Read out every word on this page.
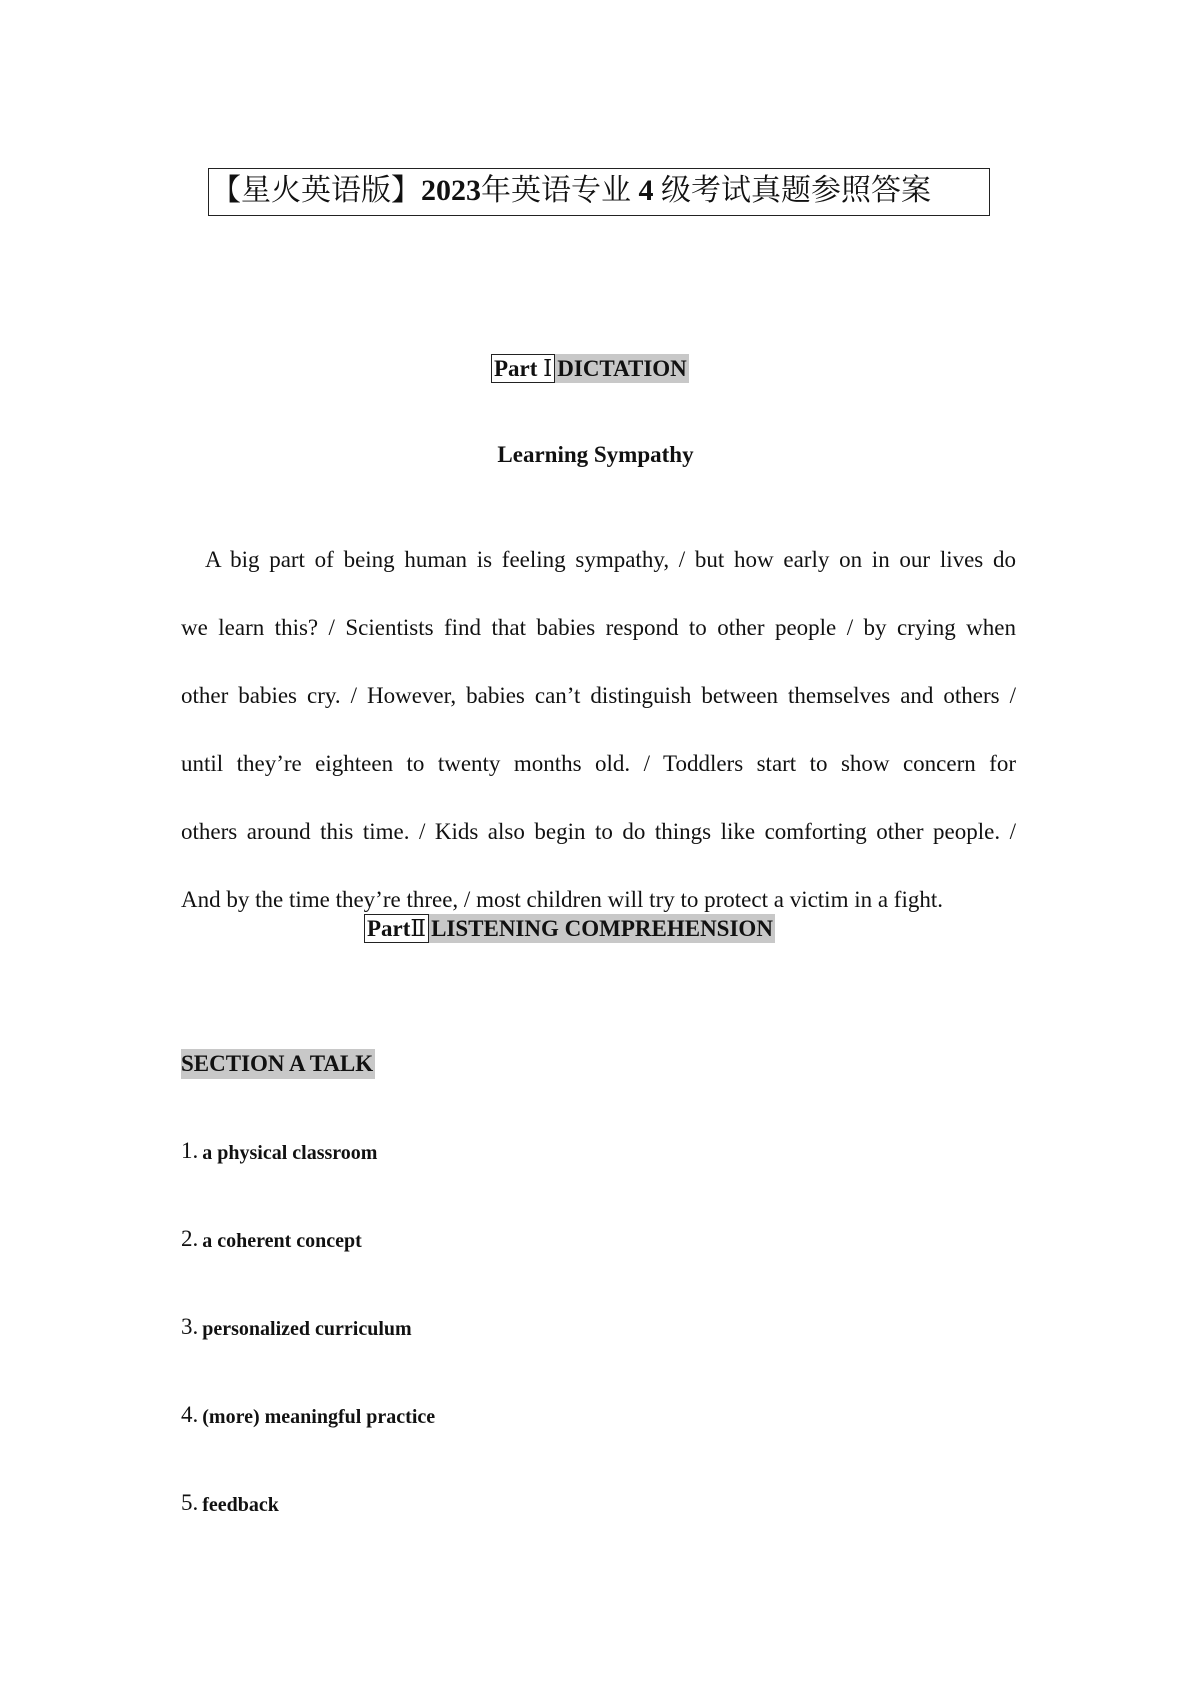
【星火英语版】2023年英语专业 4 级考试真题参照答案
Part Ⅰ DICTATION
Learning Sympathy
A big part of being human is feeling sympathy, / but how early on in our lives do
we learn this? / Scientists find that babies respond to other people / by crying when
other babies cry. / However, babies can’t distinguish between themselves and others /
until they’re eighteen to twenty months old. / Toddlers start to show concern for
others around this time. / Kids also begin to do things like comforting other people. /
And by the time they’re three, / most children will try to protect a victim in a fight.
PartⅡ LISTENING COMPREHENSION
SECTION A TALK
1. a physical classroom
2. a coherent concept
3. personalized curriculum
4. (more) meaningful practice
5. feedback
